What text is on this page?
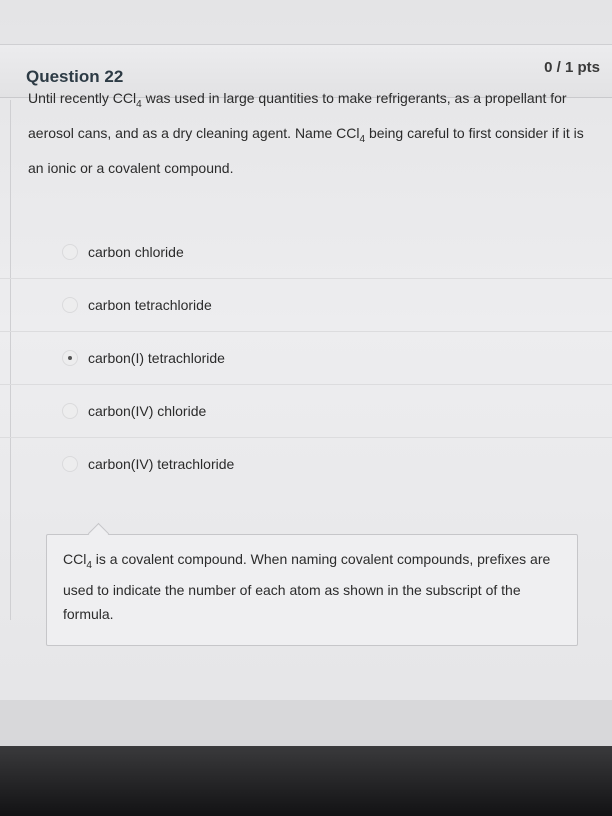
Question 22	0 / 1 pts
Until recently CCl$_4$ was used in large quantities to make refrigerants, as a propellant for aerosol cans, and as a dry cleaning agent. Name CCl$_4$ being careful to first consider if it is an ionic or a covalent compound.
carbon chloride
carbon tetrachloride
carbon(I) tetrachloride
carbon(IV) chloride
carbon(IV) tetrachloride
CCl$_4$ is a covalent compound. When naming covalent compounds, prefixes are used to indicate the number of each atom as shown in the subscript of the formula.
